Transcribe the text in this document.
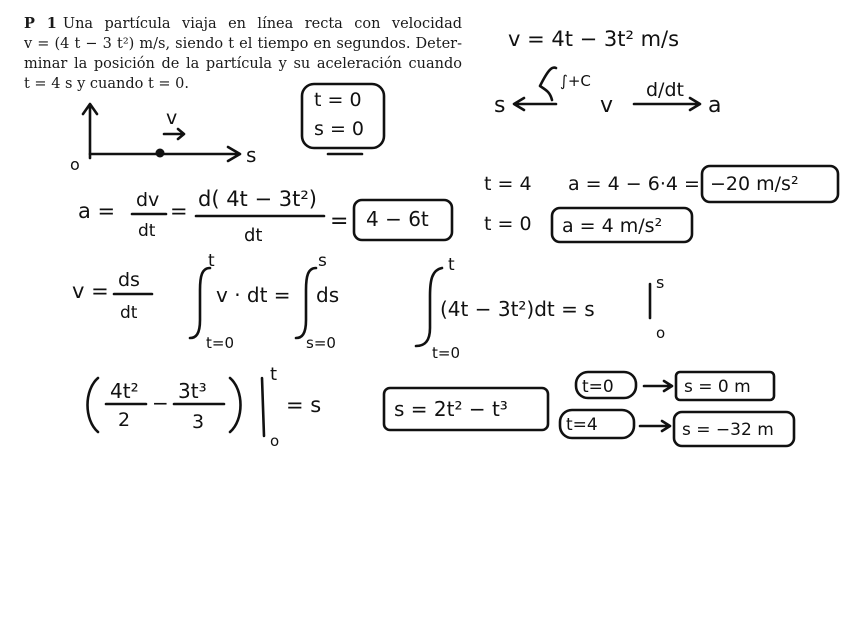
P 1 Una partícula viaja en línea recta con velocidad
v = (4 t − 3 t²) m/s, siendo t el tiempo en segundos. Deter-
minar la posición de la partícula y su aceleración cuando
t = 4 s y cuando t = 0.
v = 4t − 3t² m/s
s
∫+C
v
d/dt
a
v
s
o
t = 0
s = 0
a = dv
dt
= d( 4t − 3t²)
dt
= 4 − 6t
t = 4 a = 4 − 6·4 = −20 m/s²
t = 0 a = 4 m/s²
v = ds
dt
t
t=0
v · dt =
s
s=0
ds
t
t=0
(4t − 3t²)dt = s
s
o
4t²
2
− 3t³
3
t
o
= s	s = 2t² − t³
t=0	s = 0 m
t=4	s = −32 m
